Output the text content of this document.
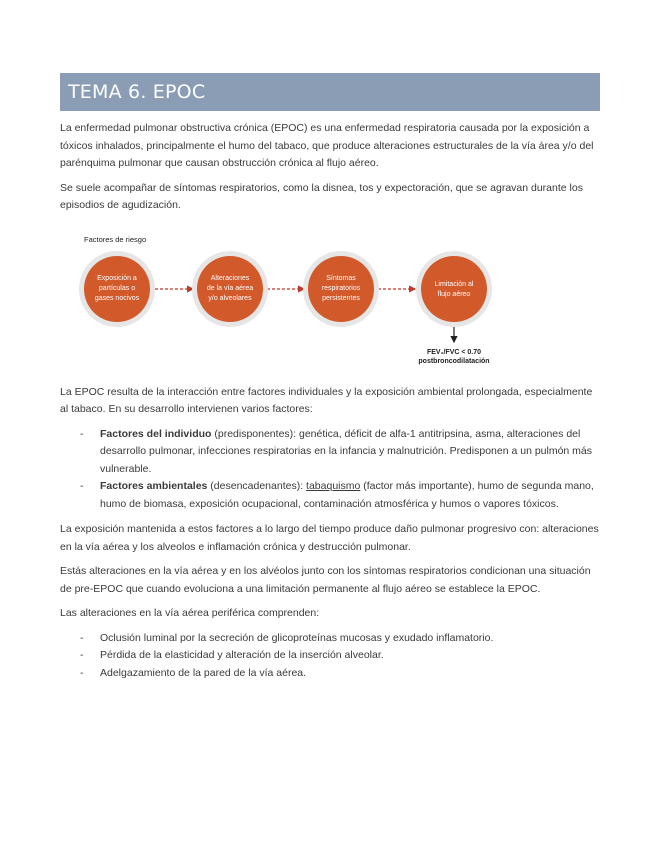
TEMA 6. EPOC

La enfermedad pulmonar obstructiva crónica (EPOC) es una enfermedad respiratoria causada por la exposición a tóxicos inhalados, principalmente el humo del tabaco, que produce alteraciones estructurales de la vía área y/o del parénquima pulmonar que causan obstrucción crónica al flujo aéreo.

Se suele acompañar de síntomas respiratorios, como la disnea, tos y expectoración, que se agravan durante los episodios de agudización.

Factores de riesgo
Exposición a
partículas o
gases nocivos
Alteraciones
de la vía aérea
y/o alveolares
Síntomas
respiratorios
persistentes
Limitación al
flujo aéreo
FEV₁/FVC < 0.70
postbroncodilatación

La EPOC resulta de la interacción entre factores individuales y la exposición ambiental prolongada, especialmente al tabaco. En su desarrollo intervienen varios factores:

- Factores del individuo (predisponentes): genética, déficit de alfa-1 antitripsina, asma, alteraciones del desarrollo pulmonar, infecciones respiratorias en la infancia y malnutrición. Predisponen a un pulmón más vulnerable.
- Factores ambientales (desencadenantes): tabaquismo (factor más importante), humo de segunda mano, humo de biomasa, exposición ocupacional, contaminación atmosférica y humos o vapores tóxicos.

La exposición mantenida a estos factores a lo largo del tiempo produce daño pulmonar progresivo con: alteraciones en la vía aérea y los alveolos e inflamación crónica y destrucción pulmonar.

Estás alteraciones en la vía aérea y en los alvéolos junto con los síntomas respiratorios condicionan una situación de pre-EPOC que cuando evoluciona a una limitación permanente al flujo aéreo se establece la EPOC.

Las alteraciones en la vía aérea periférica comprenden:

- Oclusión luminal por la secreción de glicoproteínas mucosas y exudado inflamatorio.
- Pérdida de la elasticidad y alteración de la inserción alveolar.
- Adelgazamiento de la pared de la vía aérea.
